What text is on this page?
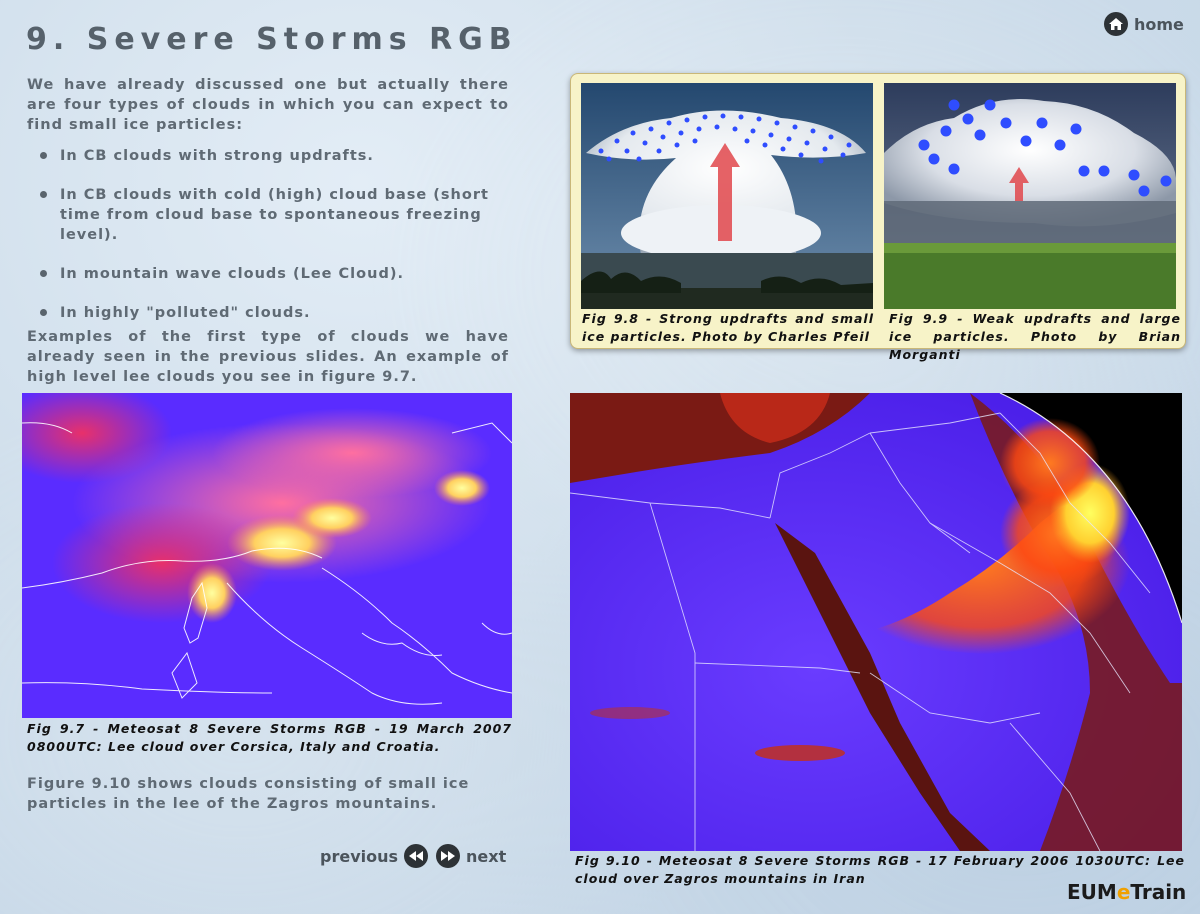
9. Severe Storms RGB	home

We have already discussed one but actually there are four types of clouds in which you can expect to find small ice particles:

In CB clouds with strong updrafts.
In CB clouds with cold (high) cloud base (short time from cloud base to spontaneous freezing level).
In mountain wave clouds (Lee Cloud).
In highly "polluted" clouds.

Examples of the first type of clouds we have already seen in the previous slides. An example of high level lee clouds you see in figure 9.7.

Fig 9.8 - Strong updrafts and small ice particles. Photo by Charles Pfeil

Fig 9.9 - Weak updrafts and large ice particles. Photo by Brian Morganti

Fig 9.7 - Meteosat 8 Severe Storms RGB - 19 March 2007 0800UTC: Lee cloud over Corsica, Italy and Croatia.

Figure 9.10 shows clouds consisting of small ice particles in the lee of the Zagros mountains.

Fig 9.10 - Meteosat 8 Severe Storms RGB - 17 February 2006 1030UTC: Lee cloud over Zagros mountains in Iran

previous	next
EUMeTrain
